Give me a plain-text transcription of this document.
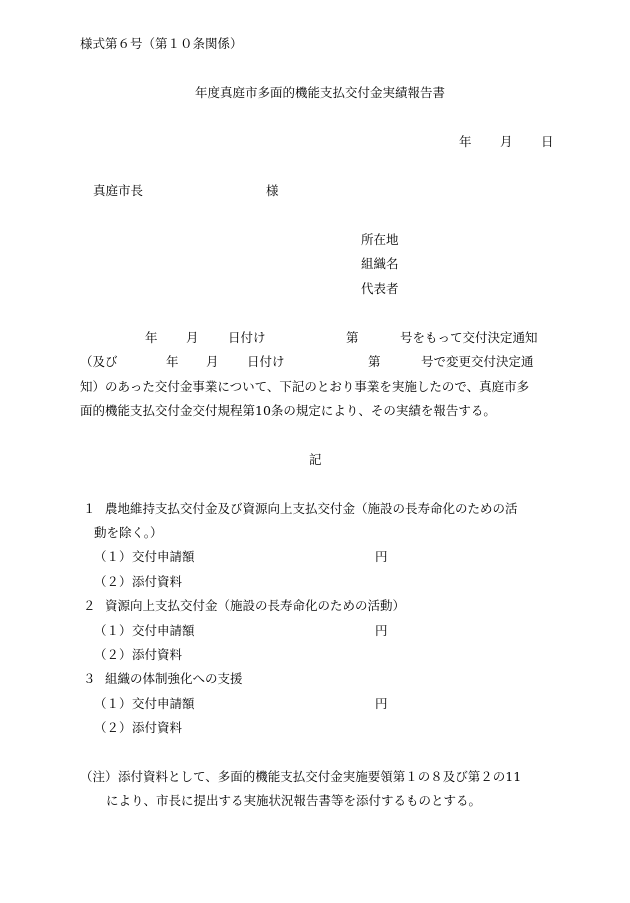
様式第６号（第１０条関係）
年度真庭市多面的機能支払交付金実績報告書
年 月 日
真庭市長	様
所在地
組織名
代表者
年 月 日付け	第	号をもって交付決定通知
（及び	年 月 日付け	第	号で変更交付決定通
知）のあった交付金事業について、下記のとおり事業を実施したので、真庭市多
面的機能支払交付金交付規程第10条の規定により、その実績を報告する。
記
１ 農地維持支払交付金及び資源向上支払交付金（施設の長寿命化のための活
動を除く。）
（１） 交付申請額	円
（２） 添付資料
２ 資源向上支払交付金（施設の長寿命化のための活動）
（１） 交付申請額	円
（２） 添付資料
３ 組織の体制強化への支援
（１） 交付申請額	円
（２） 添付資料
（注） 添付資料として、多面的機能支払交付金実施要領第１の８及び第２の11
により、市長に提出する実施状況報告書等を添付するものとする。
